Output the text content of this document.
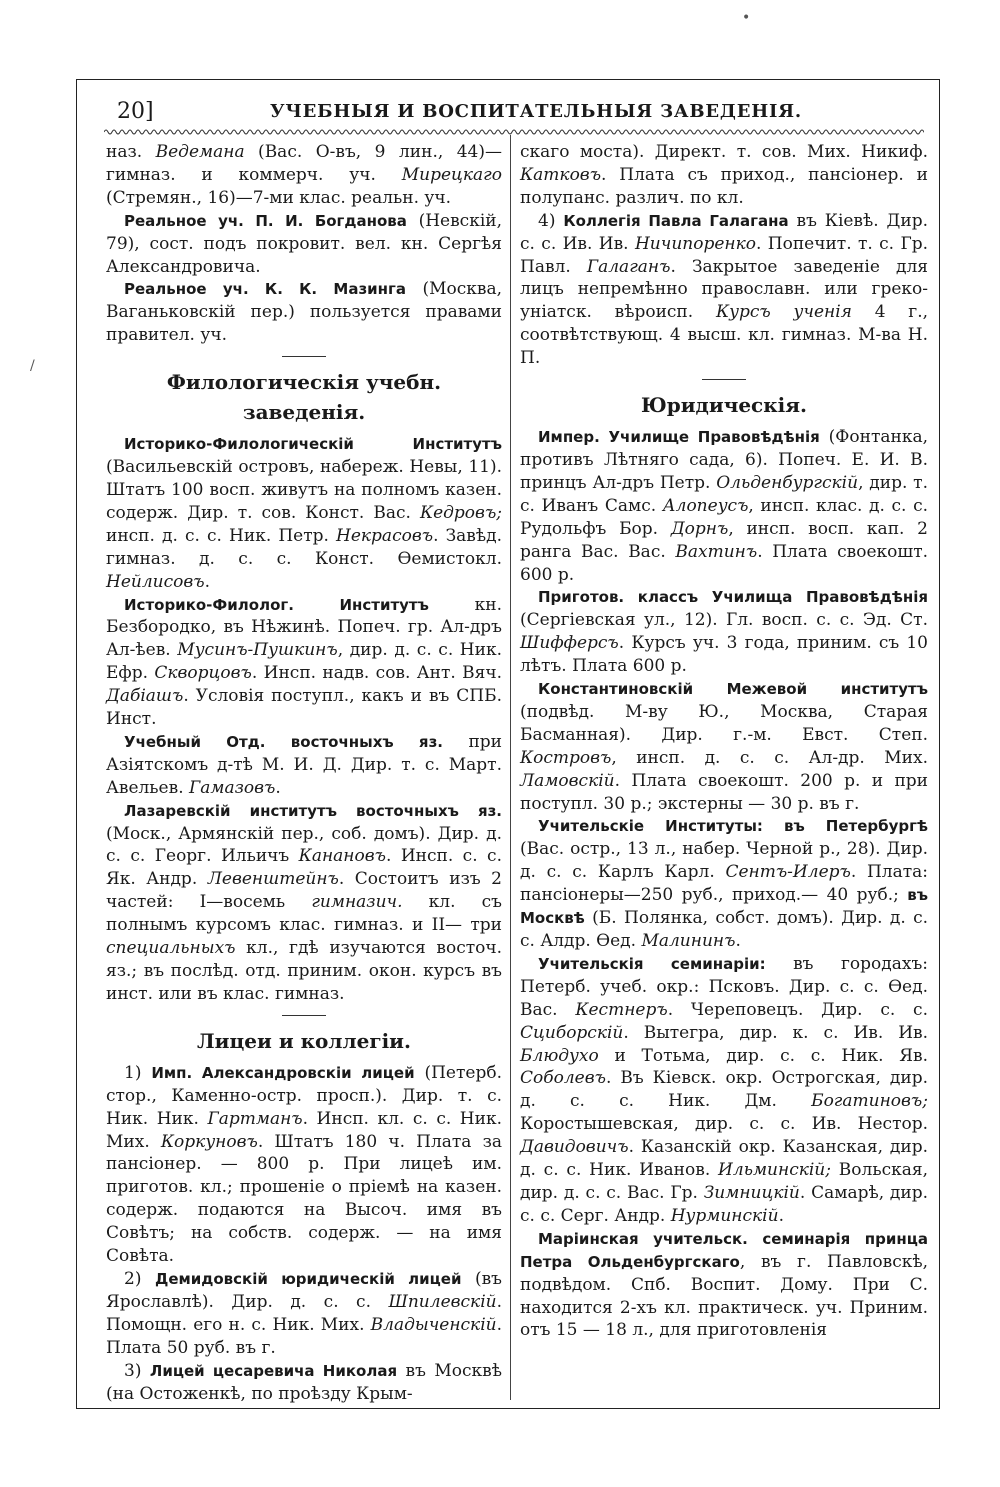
•
/
20]	УЧЕБНЫЯ И ВОСПИТАТЕЛЬНЫЯ ЗАВЕДЕНІЯ.

наз. Ведемана (Вас. О-въ, 9 лин., 44)— гимназ. и коммерч. уч. Мирецкаго (Стремян., 16)—7-ми клас. реальн. уч.

Реальное уч. П. И. Богданова (Невскій, 79), сост. подъ покровит. вел. кн. Сергѣя Александровича.

Реальное уч. К. К. Мазинга (Москва, Ваганьковскій пер.) пользуется правами правител. уч.

Филологическія учебн. заведенія.

Историко-Филологическій Институтъ (Васильевскій островъ, набереж. Невы, 11). Штатъ 100 восп. живутъ на полномъ казен. содерж. Дир. т. сов. Конст. Вас. Кедровъ; инсп. д. с. с. Ник. Петр. Некрасовъ. Завѣд. гимназ. д. с. с. Конст. Ѳемистокл. Нейлисовъ.

Историко-Филолог. Институтъ кн. Безбородко, въ Нѣжинѣ. Попеч. гр. Ал-дръ Ал-ѣев. Мусинъ-Пушкинъ, дир. д. с. с. Ник. Ефр. Скворцовъ. Инсп. надв. сов. Ант. Вяч. Дабіашъ. Условія поступл., какъ и въ СПБ. Инст.

Учебный Отд. восточныхъ яз. при Азіятскомъ д-тѣ М. И. Д. Дир. т. с. Март. Авельев. Гамазовъ.

Лазаревскій институтъ восточныхъ яз. (Моск., Армянскій пер., соб. домъ). Дир. д. с. с. Георг. Ильичъ Канановъ. Инсп. с. с. Як. Андр. Левенштейнъ. Состоитъ изъ 2 частей: I—восемь гимназич. кл. съ полнымъ курсомъ клас. гимназ. и II— три специальныхъ кл., гдѣ изучаются восточ. яз.; въ послѣд. отд. приним. окон. курсъ въ инст. или въ клас. гимназ.

Лицеи и коллегіи.

1) Имп. Александровскіи лицей (Петерб. стор., Каменно-остр. просп.). Дир. т. с. Ник. Ник. Гартманъ. Инсп. кл. с. с. Ник. Мих. Коркуновъ. Штатъ 180 ч. Плата за пансіонер. — 800 р. При лицеѣ им. приготов. кл.; прошеніе о пріемѣ на казен. содерж. подаются на Высоч. имя въ Совѣтъ; на собств. содерж. — на имя Совѣта.

2) Демидовскій юридическій лицей (въ Ярославлѣ). Дир. д. с. с. Шпилевскій. Помощн. его н. с. Ник. Мих. Владыченскій. Плата 50 руб. въ г.

3) Лицей цесаревича Николая въ Москвѣ (на Остоженкѣ, по проѣзду Крым-

скаго моста). Директ. т. сов. Мих. Никиф. Катковъ. Плата съ приход., пансіонер. и полупанс. различ. по кл.

4) Коллегія Павла Галагана въ Кіевѣ. Дир. с. с. Ив. Ив. Ничипоренко. Попечит. т. с. Гр. Павл. Галаганъ. Закрытое заведеніе для лицъ непремѣнно православн. или греко-уніатск. вѣроисп. Курсъ ученія 4 г., соотвѣтствующ. 4 высш. кл. гимназ. М-ва Н. П.

Юридическія.

Импер. Училище Правовѣдѣнія (Фонтанка, противъ Лѣтняго сада, 6). Попеч. Е. И. В. принцъ Ал-дръ Петр. Ольденбургскій, дир. т. с. Иванъ Самс. Алопеусъ, инсп. клас. д. с. с. Рудольфъ Бор. Дорнъ, инсп. восп. кап. 2 ранга Вас. Вас. Вахтинъ. Плата своекошт. 600 р.

Приготов. классъ Училища Правовѣдѣнія (Сергіевская ул., 12). Гл. восп. с. с. Эд. Ст. Шифферсъ. Курсъ уч. 3 года, приним. съ 10 лѣтъ. Плата 600 р.

Константиновскій Межевой институтъ (подвѣд. М-ву Ю., Москва, Старая Басманная). Дир. г.-м. Евст. Степ. Костровъ, инсп. д. с. с. Ал-др. Мих. Ламовскій. Плата своекошт. 200 р. и при поступл. 30 р.; экстерны — 30 р. въ г.

Учительскіе Институты: въ Петербургѣ (Вас. остр., 13 л., набер. Черной р., 28). Дир. д. с. с. Карлъ Карл. Сентъ-Илеръ. Плата: пансіонеры—250 руб., приход.— 40 руб.; въ Москвѣ (Б. Полянка, собст. домъ). Дир. д. с. с. Алдр. Ѳед. Малининъ.

Учительскія семинаріи: въ городахъ: Петерб. учеб. окр.: Псковъ. Дир. с. с. Ѳед. Вас. Кестнеръ. Череповецъ. Дир. с. с. Сциборскій. Вытегра, дир. к. с. Ив. Ив. Блюдухо и Тотьма, дир. с. с. Ник. Яв. Соболевъ. Въ Кіевск. окр. Острогская, дир. д. с. с. Ник. Дм. Богатиновъ; Коростышевская, дир. с. с. Ив. Нестор. Давидовичъ. Казанскій окр. Казанская, дир. д. с. с. Ник. Иванов. Ильминскій; Вольская, дир. д. с. с. Вас. Гр. Зимницкій. Самарѣ, дир. с. с. Серг. Андр. Нурминскій.

Маріинская учительск. семинарія принца Петра Ольденбургскаго, въ г. Павловскѣ, подвѣдом. Спб. Воспит. Дому. При С. находится 2-хъ кл. практическ. уч. Приним. отъ 15 — 18 л., для приготовленія
